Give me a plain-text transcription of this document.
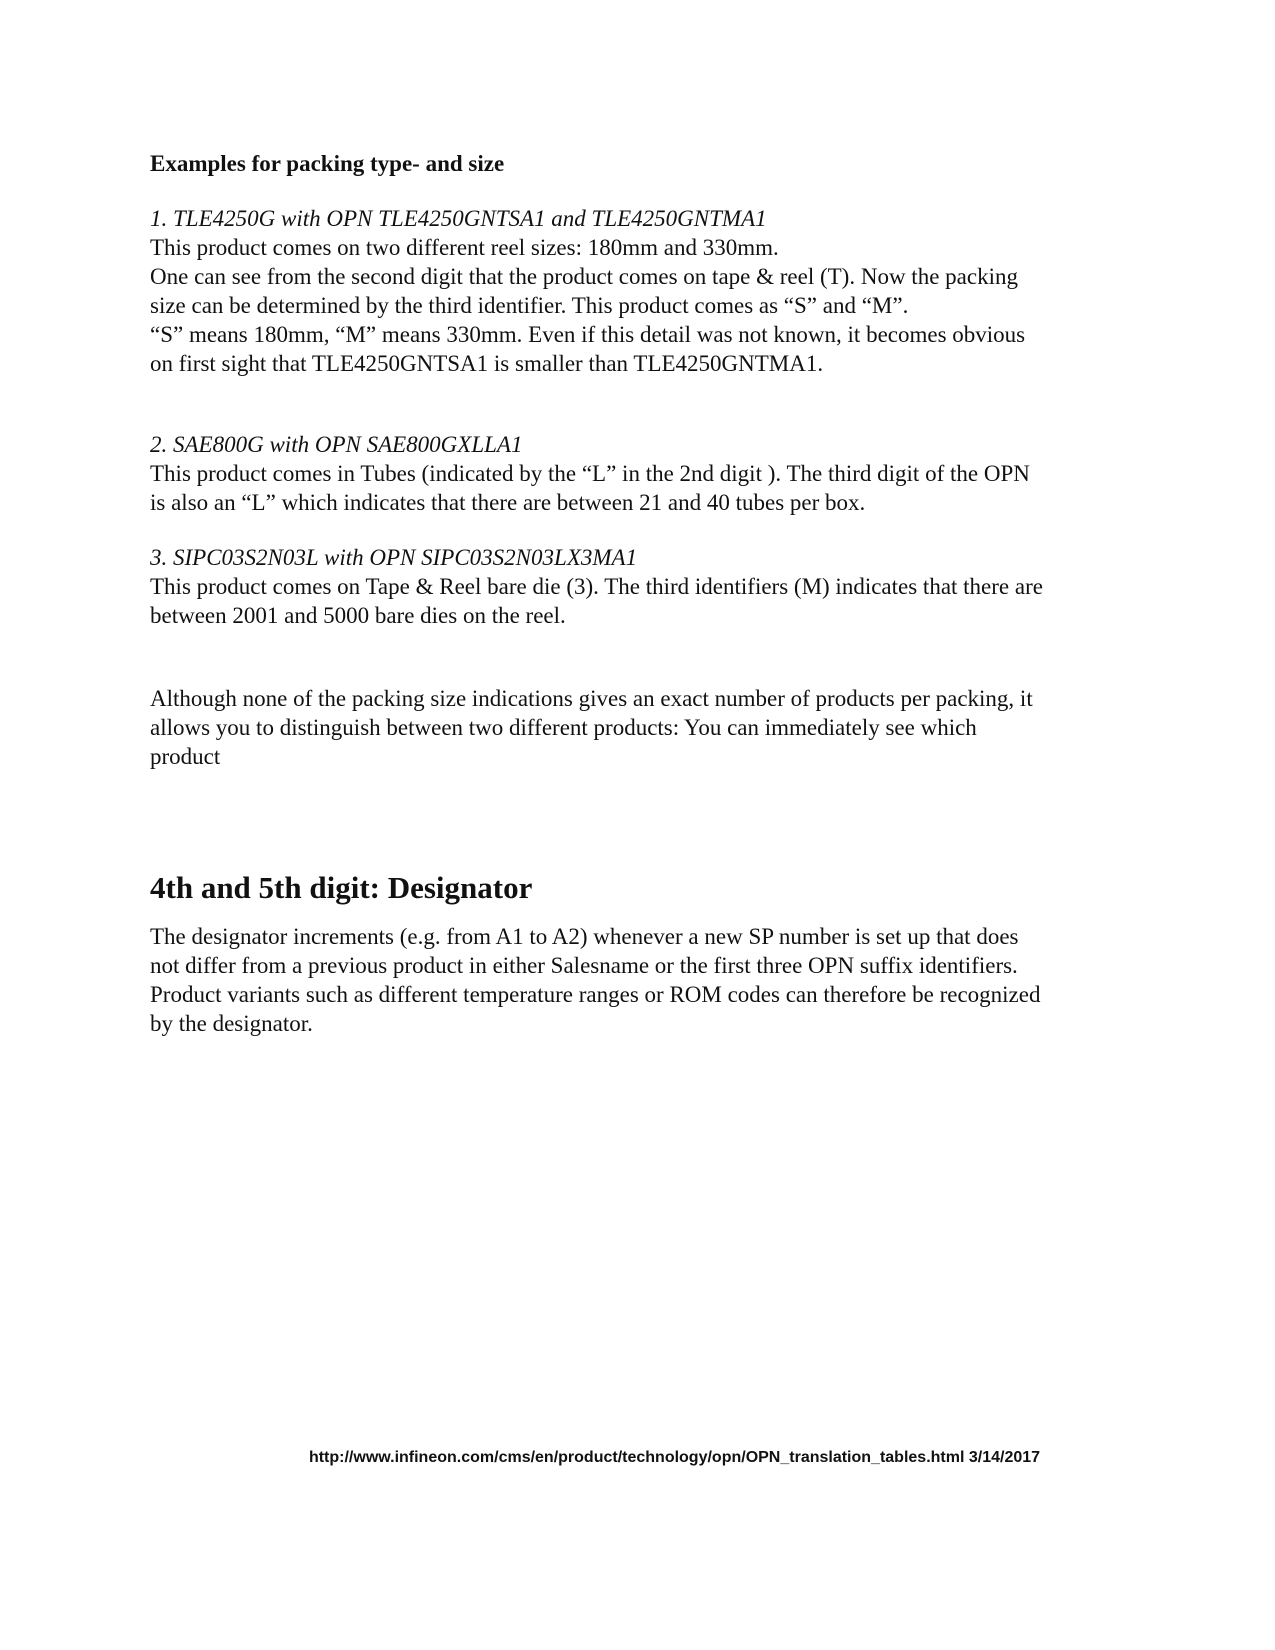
Examples for packing type- and size

1. TLE4250G with OPN TLE4250GNTSA1 and TLE4250GNTMA1
This product comes on two different reel sizes: 180mm and 330mm.
One can see from the second digit that the product comes on tape & reel (T). Now the packing
size can be determined by the third identifier. This product comes as “S” and “M”.
“S” means 180mm, “M” means 330mm. Even if this detail was not known, it becomes obvious
on first sight that TLE4250GNTSA1 is smaller than TLE4250GNTMA1.
2. SAE800G with OPN SAE800GXLLA1
This product comes in Tubes (indicated by the “L” in the 2nd digit ). The third digit of the OPN
is also an “L” which indicates that there are between 21 and 40 tubes per box.
3. SIPC03S2N03L with OPN SIPC03S2N03LX3MA1
This product comes on Tape & Reel bare die (3). The third identifiers (M) indicates that there are
between 2001 and 5000 bare dies on the reel.
Although none of the packing size indications gives an exact number of products per packing, it
allows you to distinguish between two different products: You can immediately see which
product
4th and 5th digit: Designator
The designator increments (e.g. from A1 to A2) whenever a new SP number is set up that does
not differ from a previous product in either Salesname or the first three OPN suffix identifiers.
Product variants such as different temperature ranges or ROM codes can therefore be recognized
by the designator.
http://www.infineon.com/cms/en/product/technology/opn/OPN_translation_tables.html 3/14/2017
